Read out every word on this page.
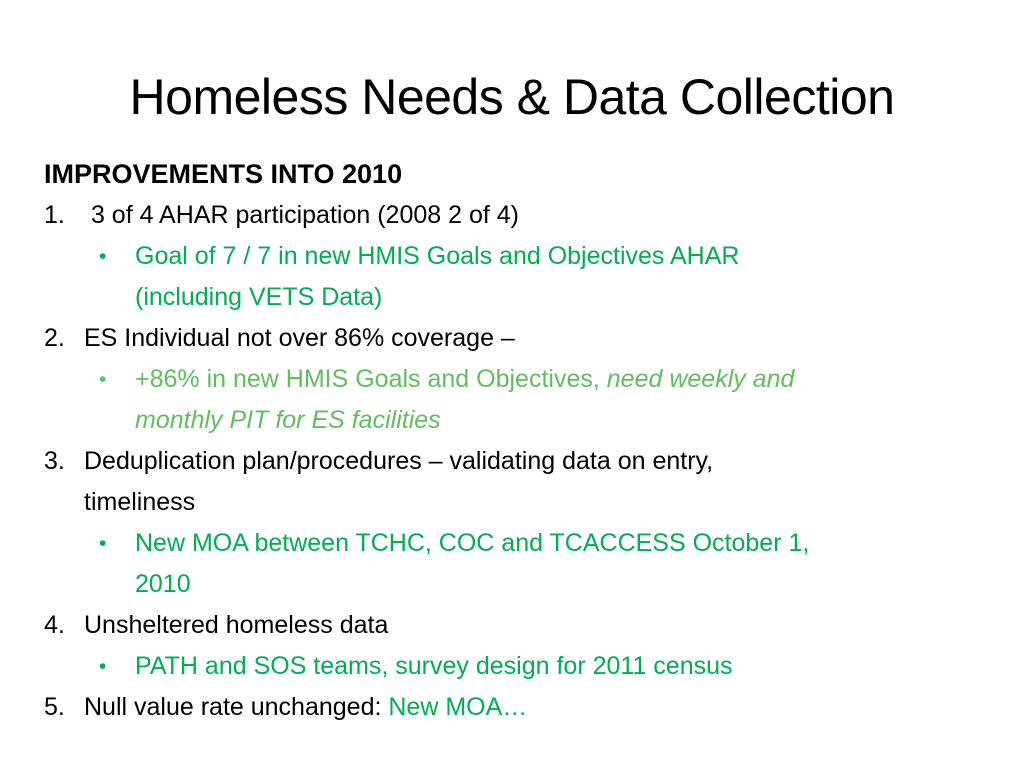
Homeless Needs & Data Collection
IMPROVEMENTS INTO 2010
1. 3 of 4 AHAR participation (2008 2 of 4)
• Goal of 7 / 7 in new HMIS Goals and Objectives AHAR
(including VETS Data)
2. ES Individual not over 86% coverage –
• +86% in new HMIS Goals and Objectives, need weekly and
monthly PIT for ES facilities
3. Deduplication plan/procedures – validating data on entry,
timeliness
• New MOA between TCHC, COC and TCACCESS October 1,
2010
4. Unsheltered homeless data
• PATH and SOS teams, survey design for 2011 census
5. Null value rate unchanged: New MOA…
